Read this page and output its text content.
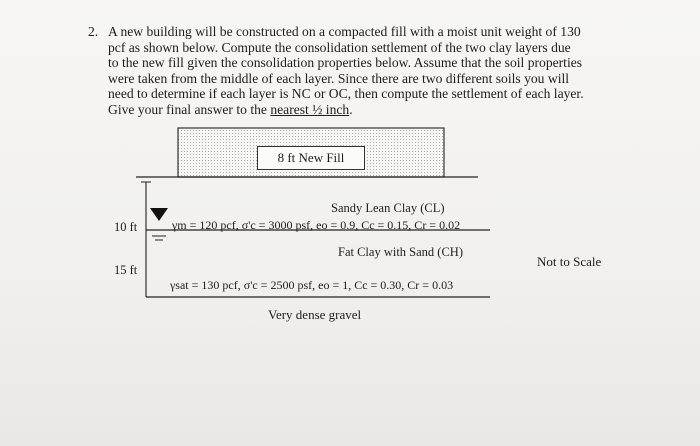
2. A new building will be constructed on a compacted fill with a moist unit weight of 130
pcf as shown below. Compute the consolidation settlement of the two clay layers due
to the new fill given the consolidation properties below. Assume that the soil properties
were taken from the middle of each layer. Since there are two different soils you will
need to determine if each layer is NC or OC, then compute the settlement of each layer.
Give your final answer to the nearest ½ inch.
8 ft New Fill
10 ft
Sandy Lean Clay (CL)
γm = 120 pcf, σ'c = 3000 psf, eo = 0.9, Cc = 0.15, Cr = 0.02
Fat Clay with Sand (CH)
15 ft
γsat = 130 pcf, σ'c = 2500 psf, eo = 1, Cc = 0.30, Cr = 0.03
Very dense gravel
Not to Scale
